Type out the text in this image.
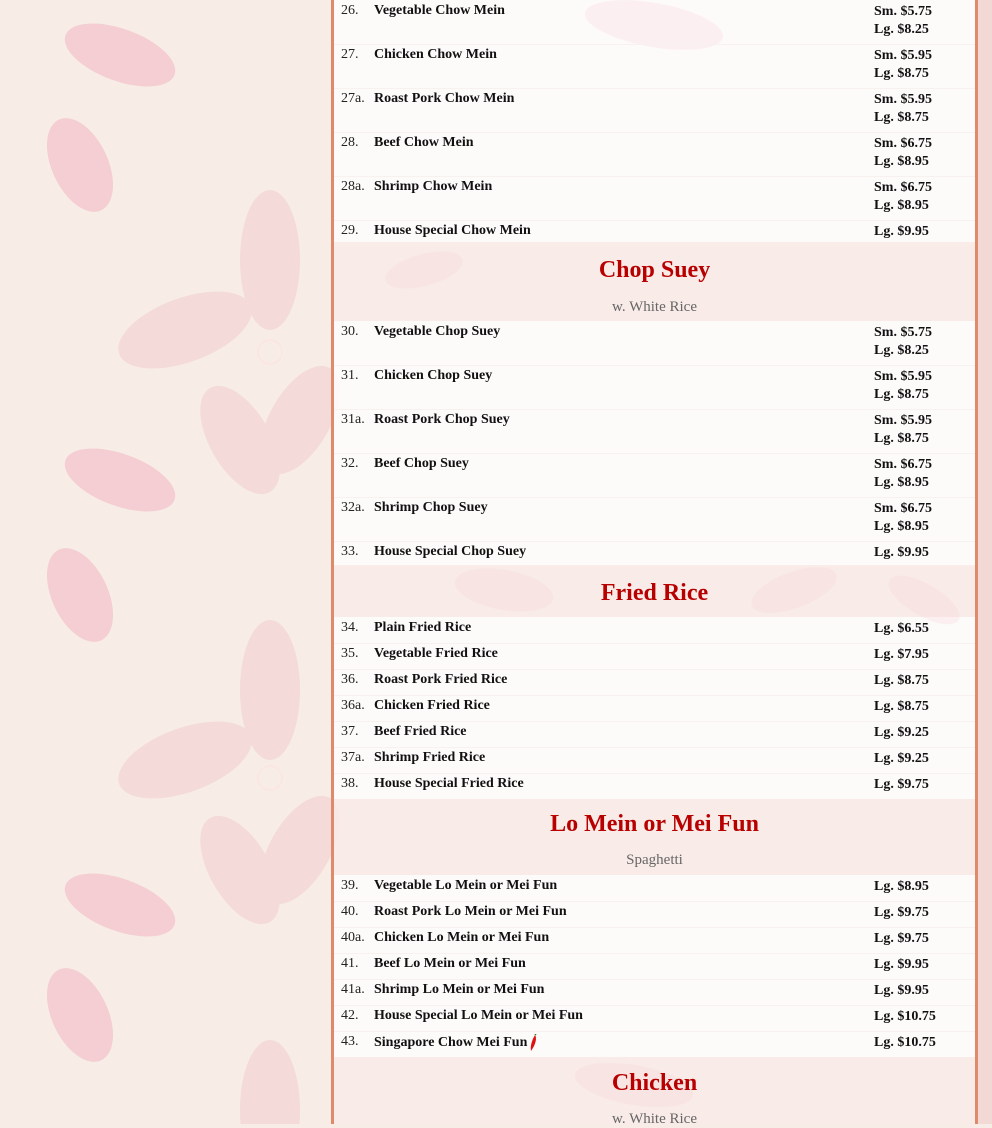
26. Vegetable Chow Mein	Sm. $5.75
Lg. $8.25
27. Chicken Chow Mein	Sm. $5.95
Lg. $8.75
27a. Roast Pork Chow Mein	Sm. $5.95
Lg. $8.75
28. Beef Chow Mein	Sm. $6.75
Lg. $8.95
28a. Shrimp Chow Mein	Sm. $6.75
Lg. $8.95
29. House Special Chow Mein	Lg. $9.95
Chop Suey
w. White Rice
30. Vegetable Chop Suey	Sm. $5.75
Lg. $8.25
31. Chicken Chop Suey	Sm. $5.95
Lg. $8.75
31a. Roast Pork Chop Suey	Sm. $5.95
Lg. $8.75
32. Beef Chop Suey	Sm. $6.75
Lg. $8.95
32a. Shrimp Chop Suey	Sm. $6.75
Lg. $8.95
33. House Special Chop Suey	Lg. $9.95
Fried Rice
34. Plain Fried Rice	Lg. $6.55
35. Vegetable Fried Rice	Lg. $7.95
36. Roast Pork Fried Rice	Lg. $8.75
36a. Chicken Fried Rice	Lg. $8.75
37. Beef Fried Rice	Lg. $9.25
37a. Shrimp Fried Rice	Lg. $9.25
38. House Special Fried Rice	Lg. $9.75
Lo Mein or Mei Fun
Spaghetti
39. Vegetable Lo Mein or Mei Fun	Lg. $8.95
40. Roast Pork Lo Mein or Mei Fun	Lg. $9.75
40a. Chicken Lo Mein or Mei Fun	Lg. $9.75
41. Beef Lo Mein or Mei Fun	Lg. $9.95
41a. Shrimp Lo Mein or Mei Fun	Lg. $9.95
42. House Special Lo Mein or Mei Fun	Lg. $10.75
43. Singapore Chow Mei Fun	Lg. $10.75
Chicken
w. White Rice
